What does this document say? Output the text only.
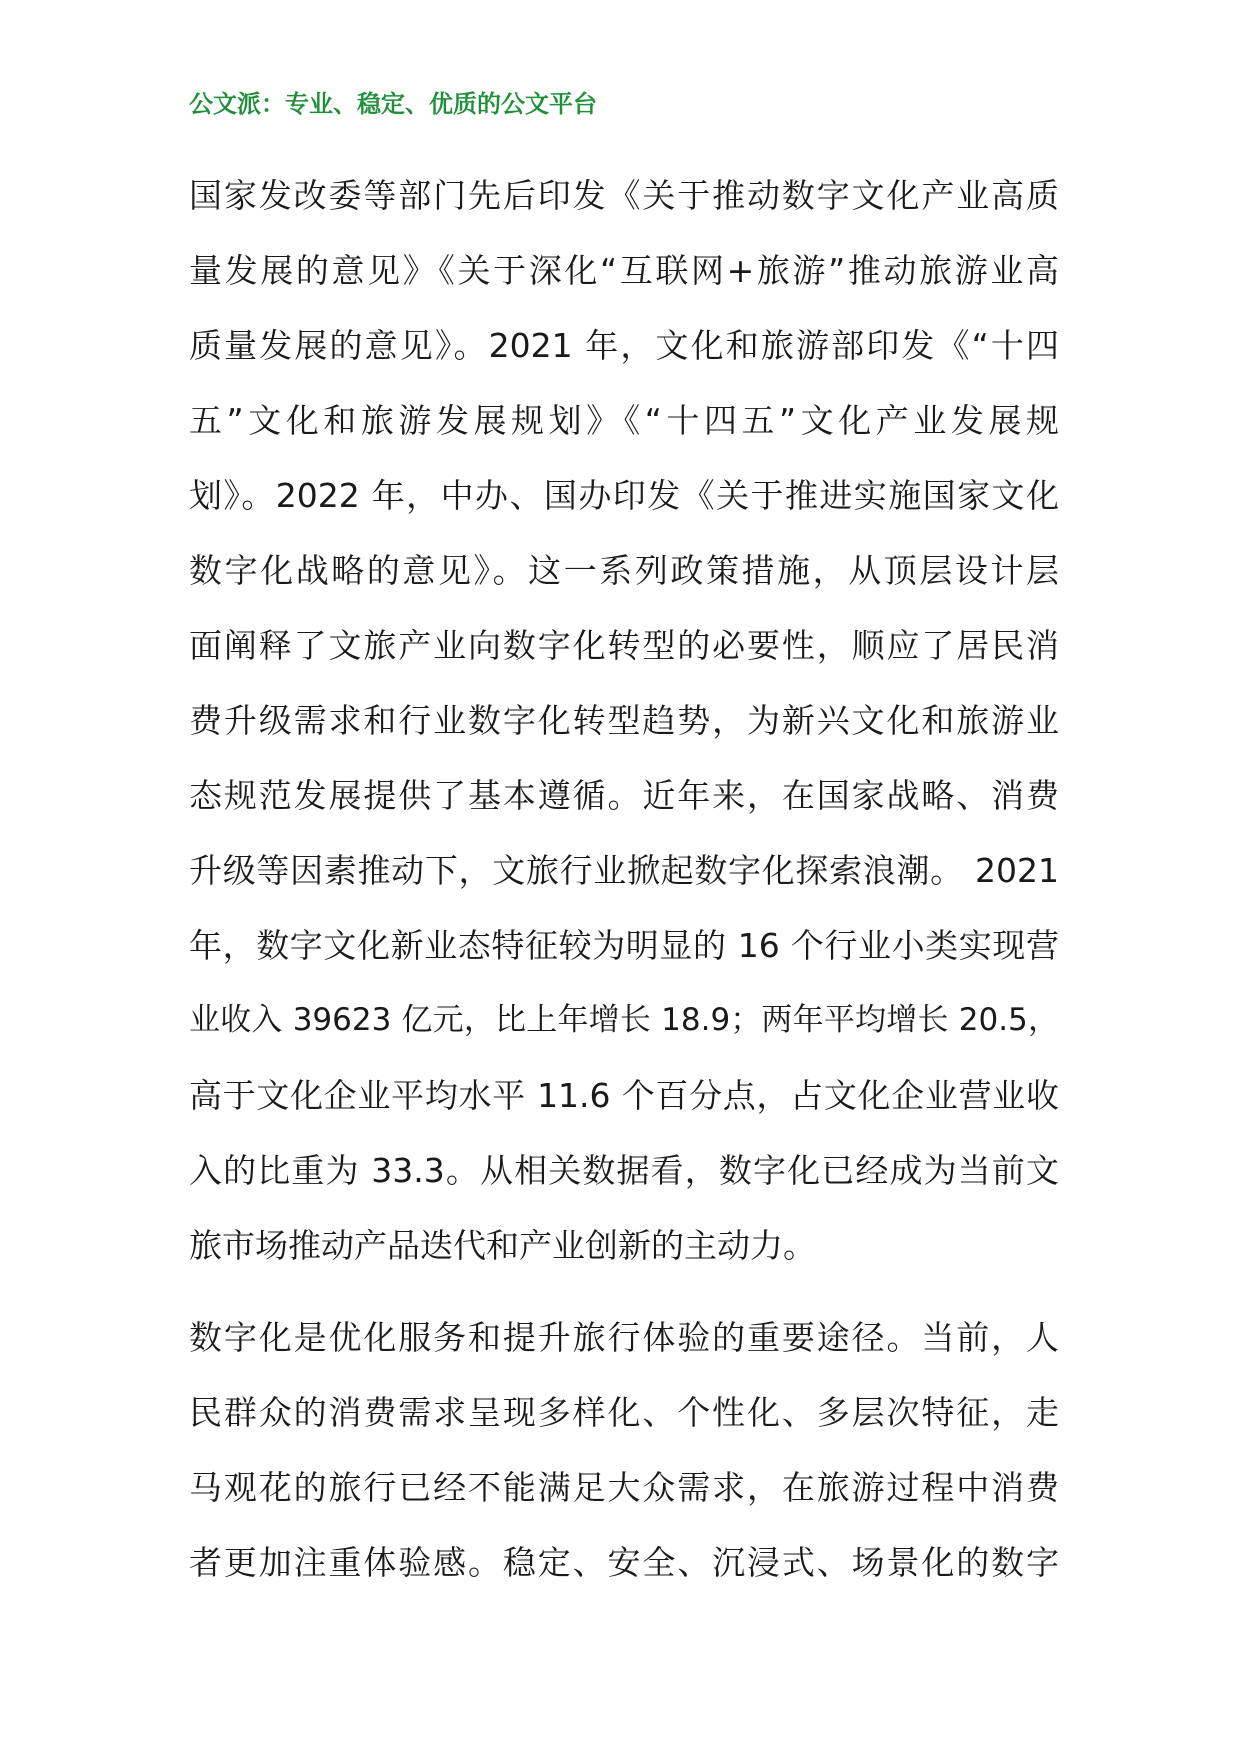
公文派：专业、稳定、优质的公文平台
国家发改委等部门先后印发《关于推动数字文化产业高质
量发展的意见》《关于深化“互联网+旅游”推动旅游业高
质量发展的意见》。2021 年，文化和旅游部印发《“十四
五”文化和旅游发展规划》《“十四五”文化产业发展规
划》。2022 年，中办、国办印发《关于推进实施国家文化
数字化战略的意见》。这一系列政策措施，从顶层设计层
面阐释了文旅产业向数字化转型的必要性，顺应了居民消
费升级需求和行业数字化转型趋势，为新兴文化和旅游业
态规范发展提供了基本遵循。近年来，在国家战略、消费
升级等因素推动下，文旅行业掀起数字化探索浪潮。 2021
年，数字文化新业态特征较为明显的 16 个行业小类实现营
业收入 39623 亿元，比上年增长 18.9；两年平均增长 20.5，
高于文化企业平均水平 11.6 个百分点，占文化企业营业收
入的比重为 33.3。从相关数据看，数字化已经成为当前文
旅市场推动产品迭代和产业创新的主动力。
数字化是优化服务和提升旅行体验的重要途径。当前，人
民群众的消费需求呈现多样化、个性化、多层次特征，走
马观花的旅行已经不能满足大众需求，在旅游过程中消费
者更加注重体验感。稳定、安全、沉浸式、场景化的数字
